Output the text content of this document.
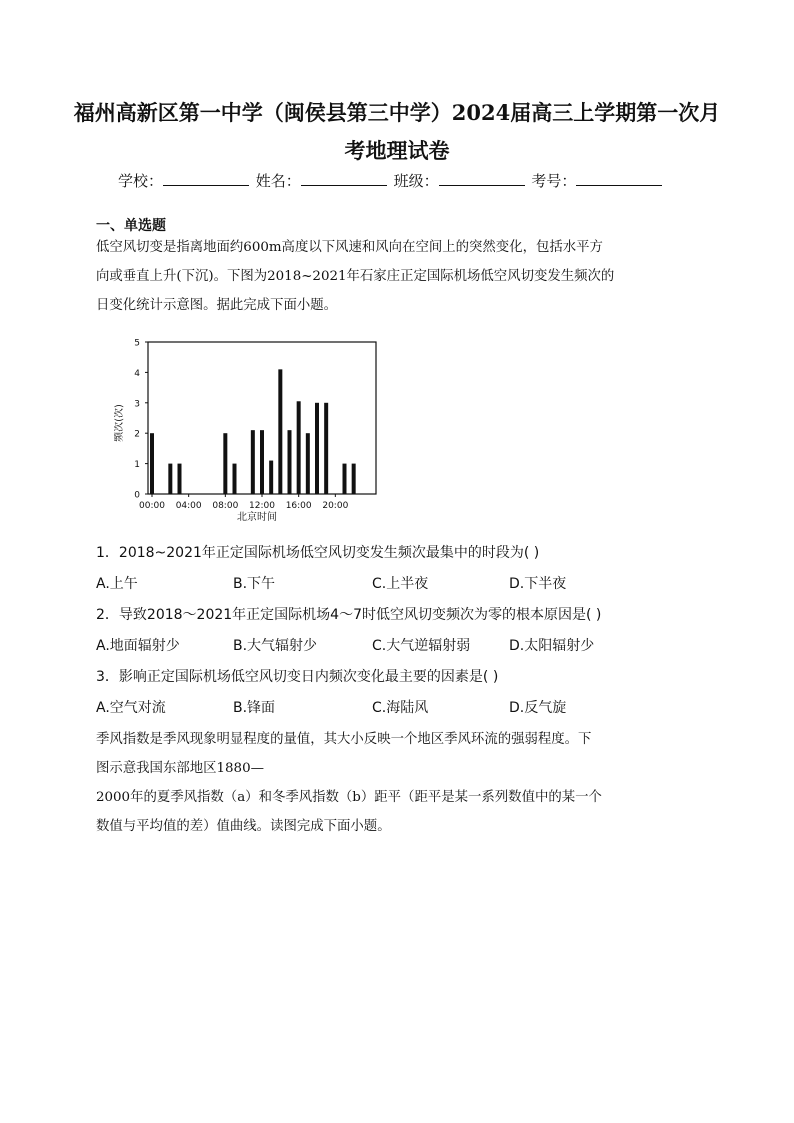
福州高新区第一中学（闽侯县第三中学）2024届高三上学期第一次月
考地理试卷
学校：	姓名：	班级：	考号：
一、单选题
低空风切变是指离地面约600m高度以下风速和风向在空间上的突然变化，包括水平方
向或垂直上升(下沉)。下图为2018~2021年石家庄正定国际机场低空风切变发生频次的
日变化统计示意图。据此完成下面小题。
0
1
2
3
4
5
00:00 04:00 08:00 12:00 16:00 20:00
频次(次)
北京时间
1．2018~2021年正定国际机场低空风切变发生频次最集中的时段为( )
A.上午	B.下午	C.上半夜	D.下半夜
2．导致2018～2021年正定国际机场4～7时低空风切变频次为零的根本原因是( )
A.地面辐射少	B.大气辐射少	C.大气逆辐射弱	D.太阳辐射少
3．影响正定国际机场低空风切变日内频次变化最主要的因素是( )
A.空气对流	B.锋面	C.海陆风	D.反气旋
季风指数是季风现象明显程度的量值，其大小反映一个地区季风环流的强弱程度。下
图示意我国东部地区1880—
2000年的夏季风指数（a）和冬季风指数（b）距平（距平是某一系列数值中的某一个
数值与平均值的差）值曲线。读图完成下面小题。
